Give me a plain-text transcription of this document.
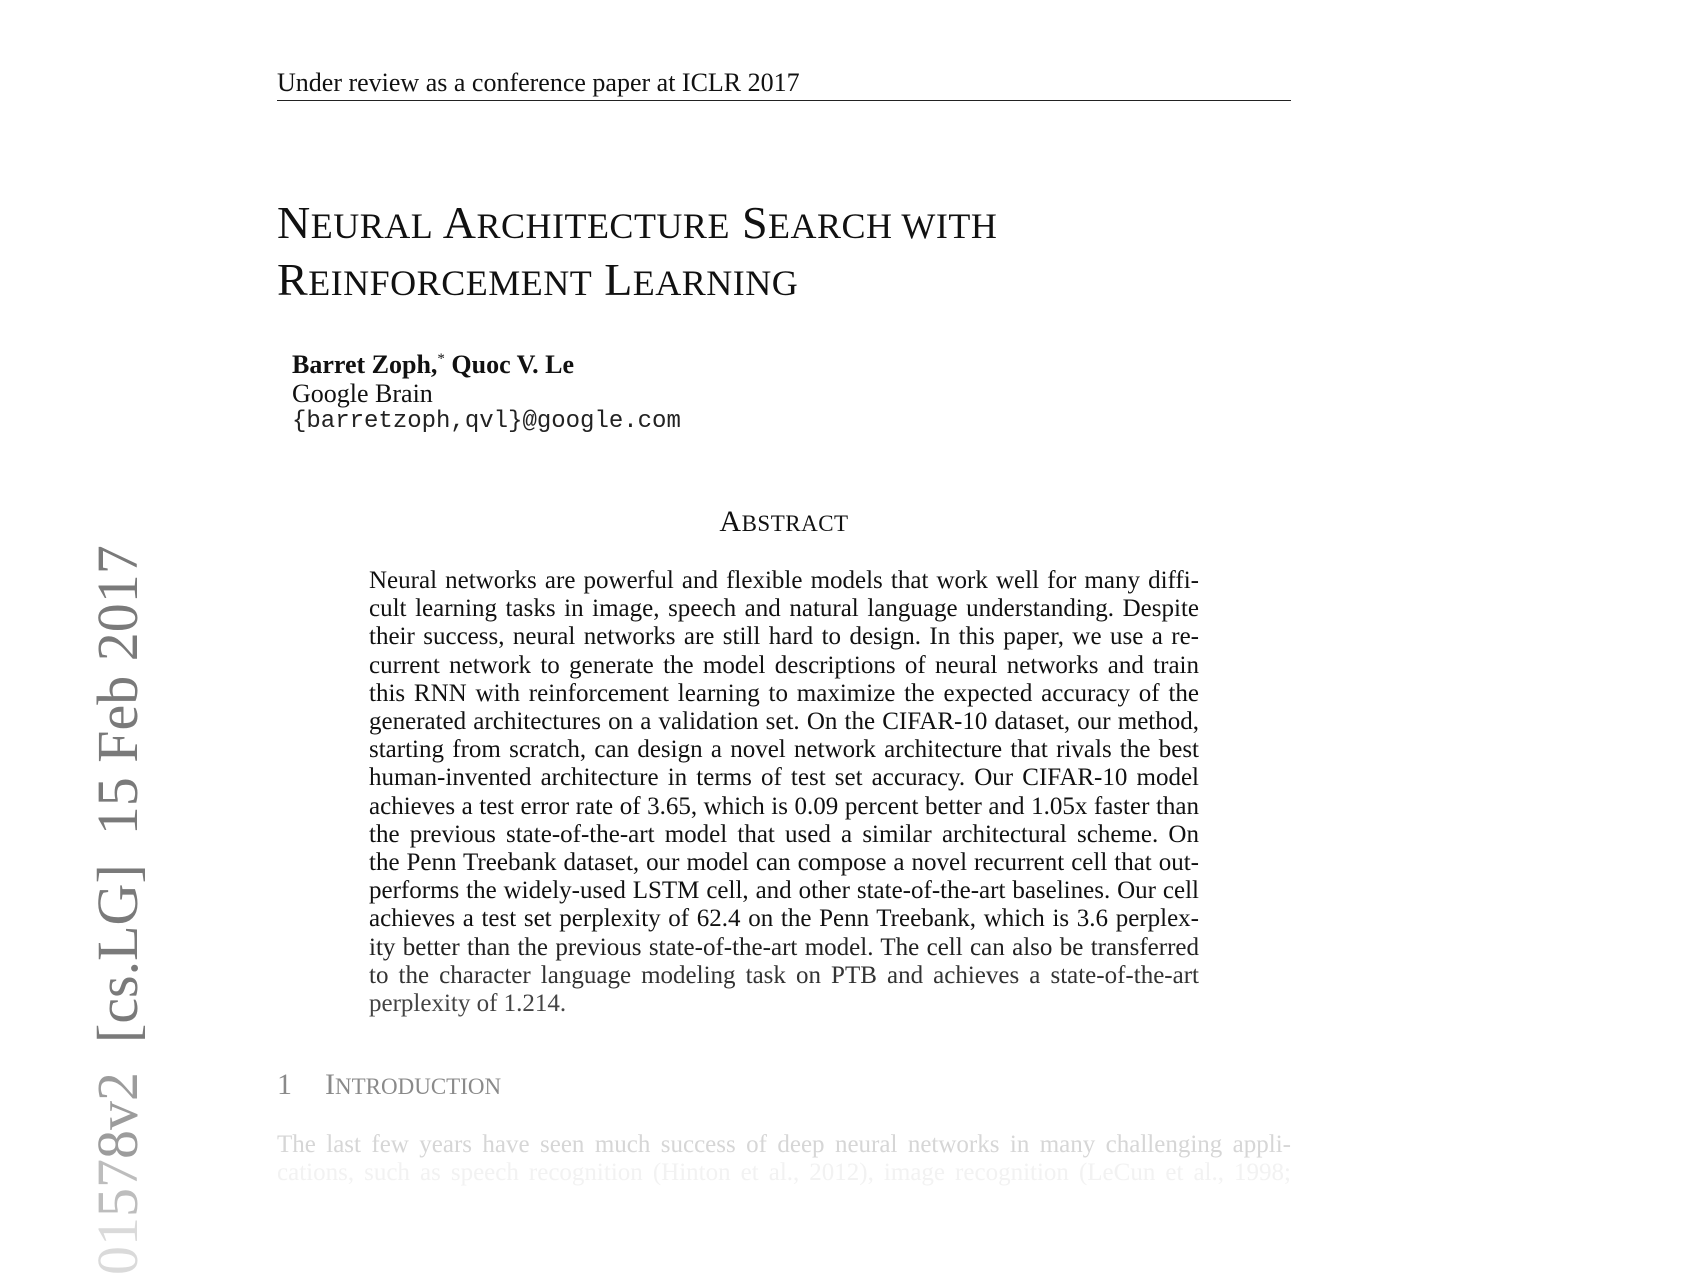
Under review as a conference paper at ICLR 2017
NEURAL ARCHITECTURE SEARCH WITH
REINFORCEMENT LEARNING
Barret Zoph,* Quoc V. Le
Google Brain
{barretzoph,qvl}@google.com
ABSTRACT
Neural networks are powerful and flexible models that work well for many diffi-
cult learning tasks in image, speech and natural language understanding. Despite
their success, neural networks are still hard to design. In this paper, we use a re-
current network to generate the model descriptions of neural networks and train
this RNN with reinforcement learning to maximize the expected accuracy of the
generated architectures on a validation set. On the CIFAR-10 dataset, our method,
starting from scratch, can design a novel network architecture that rivals the best
human-invented architecture in terms of test set accuracy. Our CIFAR-10 model
achieves a test error rate of 3.65, which is 0.09 percent better and 1.05x faster than
the previous state-of-the-art model that used a similar architectural scheme. On
the Penn Treebank dataset, our model can compose a novel recurrent cell that out-
performs the widely-used LSTM cell, and other state-of-the-art baselines. Our cell
achieves a test set perplexity of 62.4 on the Penn Treebank, which is 3.6 perplex-
ity better than the previous state-of-the-art model. The cell can also be transferred
to the character language modeling task on PTB and achieves a state-of-the-art
perplexity of 1.214.
1 INTRODUCTION
The last few years have seen much success of deep neural networks in many challenging appli-
cations, such as speech recognition (Hinton et al., 2012), image recognition (LeCun et al., 1998;
01578v2  [cs.LG]  15 Feb 2017
